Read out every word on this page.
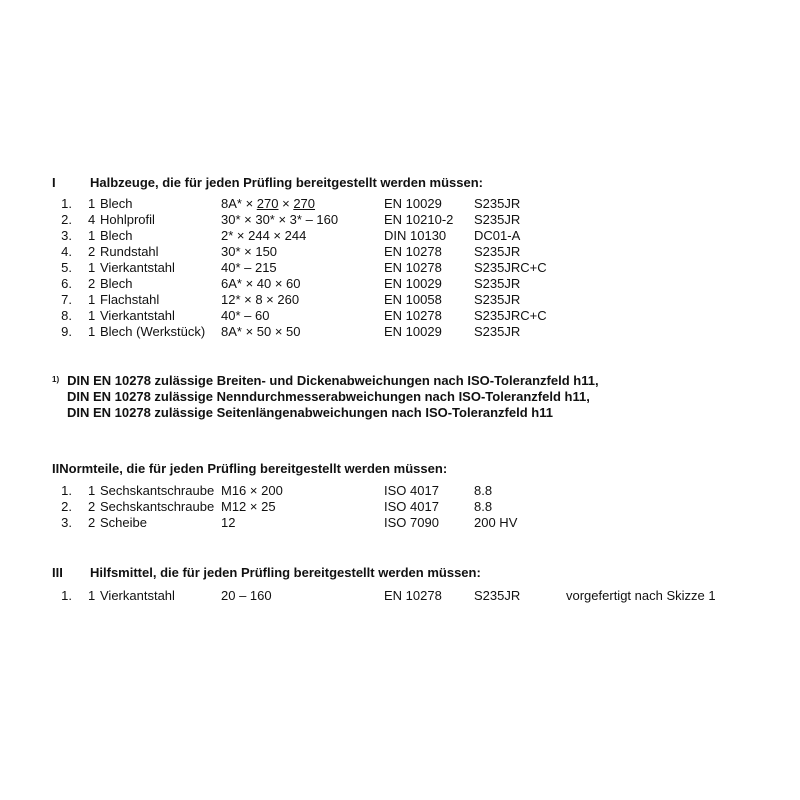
I	Halbzeuge, die für jeden Prüfling bereitgestellt werden müssen:
1. 1 Blech	8A* × 270 × 270	EN 10029 S235JR
2. 4 Hohlprofil	30* × 30* × 3* – 160	EN 10210-2 S235JR
3. 1 Blech	2* × 244 × 244	DIN 10130 DC01-A
4. 2 Rundstahl	30* × 150	EN 10278 S235JR
5. 1 Vierkantstahl	40* – 215	EN 10278 S235JRC+C
6. 2 Blech	6A* × 40 × 60	EN 10029 S235JR
7. 1 Flachstahl	12* × 8 × 260	EN 10058 S235JR
8. 1 Vierkantstahl	40* – 60	EN 10278 S235JRC+C
9. 1 Blech (Werkstück) 8A* × 50 × 50	EN 10029 S235JR
$^{1)}$ DIN EN 10278 zulässige Breiten- und Dickenabweichungen nach ISO-Toleranzfeld h11,
DIN EN 10278 zulässige Nenndurchmesserabweichungen nach ISO-Toleranzfeld h11,
DIN EN 10278 zulässige Seitenlängenabweichungen nach ISO-Toleranzfeld h11
IINormteile, die für jeden Prüfling bereitgestellt werden müssen:
1. 1 Sechskantschraube M16 × 200	ISO 4017	8.8
2. 2 Sechskantschraube M12 × 25	ISO 4017	8.8
3. 2 Scheibe	12	ISO 7090	200 HV
III Hilfsmittel, die für jeden Prüfling bereitgestellt werden müssen:
1. 1 Vierkantstahl	20 – 160	EN 10278 S235JR	vorgefertigt nach Skizze 1
